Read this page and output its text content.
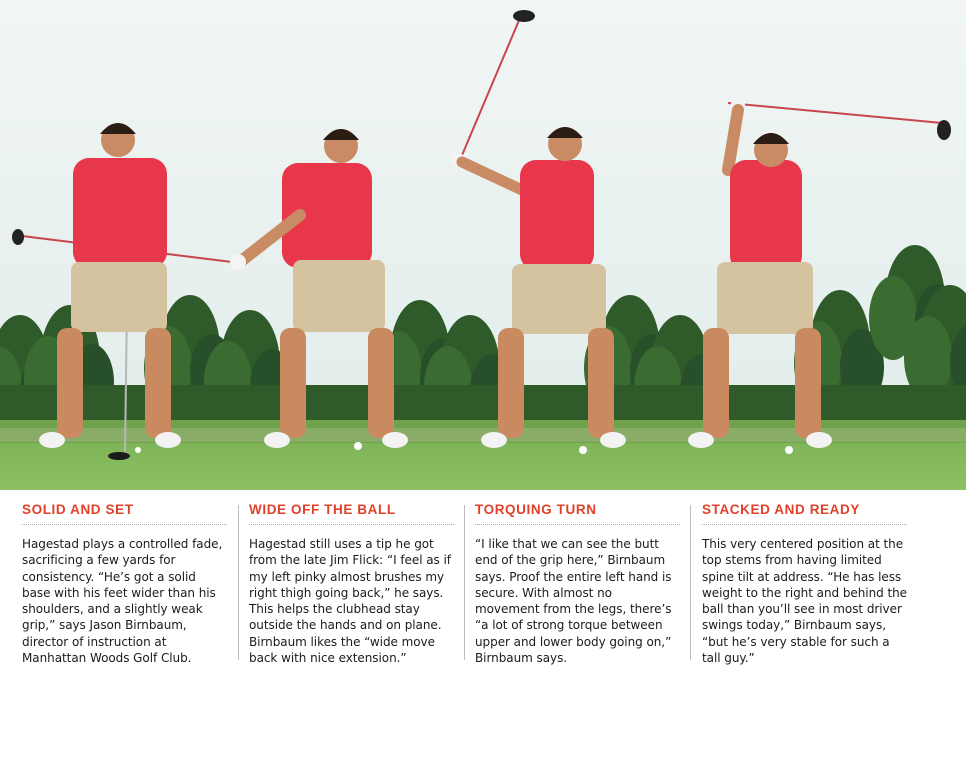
SOLID AND SET

Hagestad plays a controlled fade, sacrificing a few yards for consistency. “He’s got a solid base with his feet wider than his shoulders, and a slightly weak grip,” says Jason Birnbaum, director of instruction at Manhattan Woods Golf Club.

WIDE OFF THE BALL

Hagestad still uses a tip he got from the late Jim Flick: “I feel as if my left pinky almost brushes my right thigh going back,” he says. This helps the clubhead stay outside the hands and on plane. Birnbaum likes the “wide move back with nice extension.”

TORQUING TURN

“I like that we can see the butt end of the grip here,” Birnbaum says. Proof the entire left hand is secure. With almost no movement from the legs, there’s “a lot of strong torque between upper and lower body going on,” Birnbaum says.

STACKED AND READY

This very centered position at the top stems from having limited spine tilt at address. “He has less weight to the right and behind the ball than you’ll see in most driver swings today,” Birnbaum says, “but he’s very stable for such a tall guy.”
